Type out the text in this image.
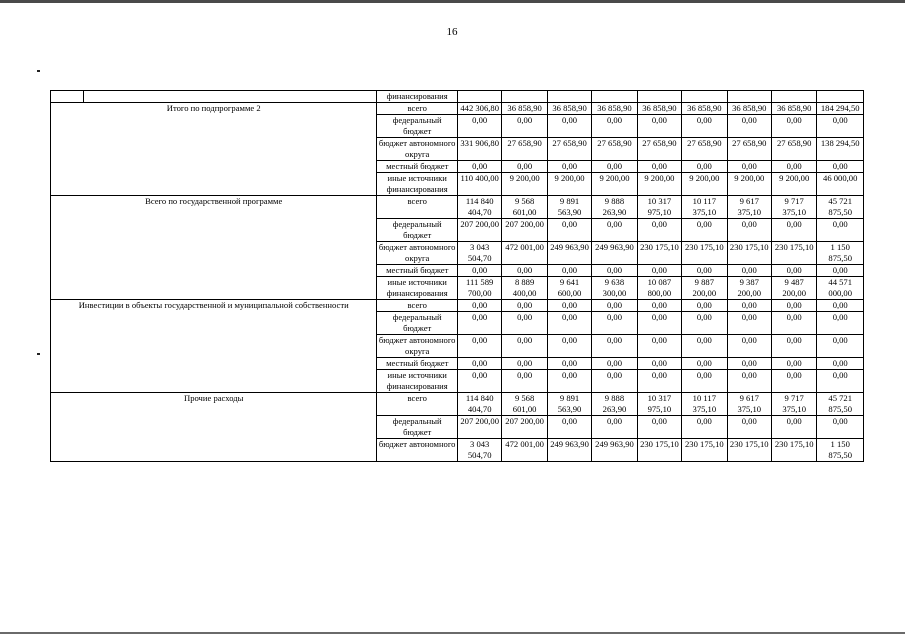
16
		финансирования									
Итого по подпрограмме 2		всего	442 306,80	36 858,90	36 858,90	36 858,90	36 858,90	36 858,90	36 858,90	36 858,90	184 294,50
		федеральный бюджет	0,00	0,00	0,00	0,00	0,00	0,00	0,00	0,00	0,00
		бюджет автономного округа	331 906,80	27 658,90	27 658,90	27 658,90	27 658,90	27 658,90	27 658,90	27 658,90	138 294,50
		местный бюджет	0,00	0,00	0,00	0,00	0,00	0,00	0,00	0,00	0,00
		иные источники финансирования	110 400,00	9 200,00	9 200,00	9 200,00	9 200,00	9 200,00	9 200,00	9 200,00	46 000,00
Всего по государственной программе		всего	114 840 404,70	9 568 601,00	9 891 563,90	9 888 263,90	10 317 975,10	10 117 375,10	9 617 375,10	9 717 375,10	45 721 875,50
		федеральный бюджет	207 200,00	207 200,00	0,00	0,00	0,00	0,00	0,00	0,00	0,00
		бюджет автономного округа	3 043 504,70	472 001,00	249 963,90	249 963,90	230 175,10	230 175,10	230 175,10	230 175,10	1 150 875,50
		местный бюджет	0,00	0,00	0,00	0,00	0,00	0,00	0,00	0,00	0,00
		иные источники финансирования	111 589 700,00	8 889 400,00	9 641 600,00	9 638 300,00	10 087 800,00	9 887 200,00	9 387 200,00	9 487 200,00	44 571 000,00
Инвестиции в объекты государственной и муниципальной собственности		всего	0,00	0,00	0,00	0,00	0,00	0,00	0,00	0,00	0,00
		федеральный бюджет	0,00	0,00	0,00	0,00	0,00	0,00	0,00	0,00	0,00
		бюджет автономного округа	0,00	0,00	0,00	0,00	0,00	0,00	0,00	0,00	0,00
		местный бюджет	0,00	0,00	0,00	0,00	0,00	0,00	0,00	0,00	0,00
		иные источники финансирования	0,00	0,00	0,00	0,00	0,00	0,00	0,00	0,00	0,00
Прочие расходы		всего	114 840 404,70	9 568 601,00	9 891 563,90	9 888 263,90	10 317 975,10	10 117 375,10	9 617 375,10	9 717 375,10	45 721 875,50
		федеральный бюджет	207 200,00	207 200,00	0,00	0,00	0,00	0,00	0,00	0,00	0,00
		бюджет автономного	3 043 504,70	472 001,00	249 963,90	249 963,90	230 175,10	230 175,10	230 175,10	230 175,10	1 150 875,50
